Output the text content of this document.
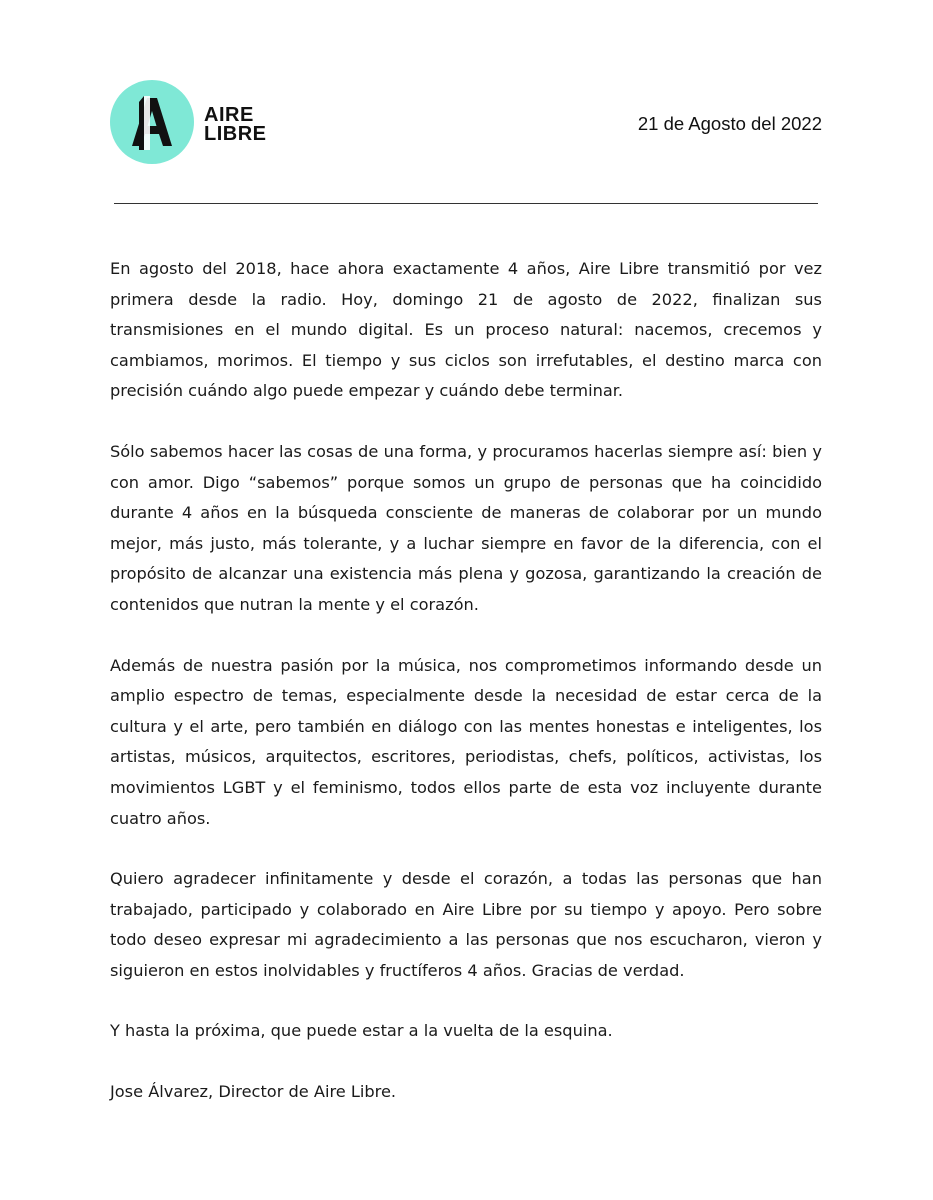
AIRE
LIBRE	21 de Agosto del 2022

En agosto del 2018, hace ahora exactamente 4 años, Aire Libre transmitió por vez primera desde la radio. Hoy, domingo 21 de agosto de 2022, finalizan sus transmisiones en el mundo digital. Es un proceso natural: nacemos, crecemos y cambiamos, morimos. El tiempo y sus ciclos son irrefutables, el destino marca con precisión cuándo algo puede empezar y cuándo debe terminar.

Sólo sabemos hacer las cosas de una forma, y procuramos hacerlas siempre así: bien y con amor. Digo “sabemos” porque somos un grupo de personas que ha coincidido durante 4 años en la búsqueda consciente de maneras de colaborar por un mundo mejor, más justo, más tolerante, y a luchar siempre en favor de la diferencia, con el propósito de alcanzar una existencia más plena y gozosa, garantizando la creación de contenidos que nutran la mente y el corazón.

Además de nuestra pasión por la música, nos comprometimos informando desde un amplio espectro de temas, especialmente desde la necesidad de estar cerca de la cultura y el arte, pero también en diálogo con las mentes honestas e inteligentes, los artistas, músicos, arquitectos, escritores, periodistas, chefs, políticos, activistas, los movimientos LGBT y el feminismo, todos ellos parte de esta voz incluyente durante cuatro años.

Quiero agradecer infinitamente y desde el corazón, a todas las personas que han trabajado, participado y colaborado en Aire Libre por su tiempo y apoyo. Pero sobre todo deseo expresar mi agradecimiento a las personas que nos escucharon, vieron y siguieron en estos inolvidables y fructíferos 4 años. Gracias de verdad.

Y hasta la próxima, que puede estar a la vuelta de la esquina.

Jose Álvarez, Director de Aire Libre.
